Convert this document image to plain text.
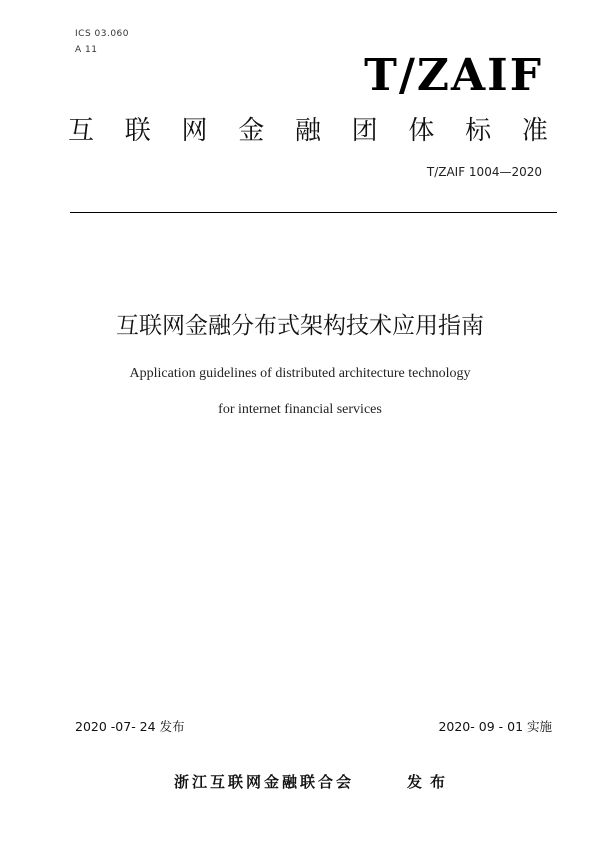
ICS 03.060
A 11	T/ZAIF
互 联 网 金 融 团 体 标 准
T/ZAIF 1004—2020
互联网金融分布式架构技术应用指南
Application guidelines of distributed architecture technology
for internet financial services
2020 -07- 24 发布	2020- 09 - 01 实施
浙江互联网金融联合会	发布
